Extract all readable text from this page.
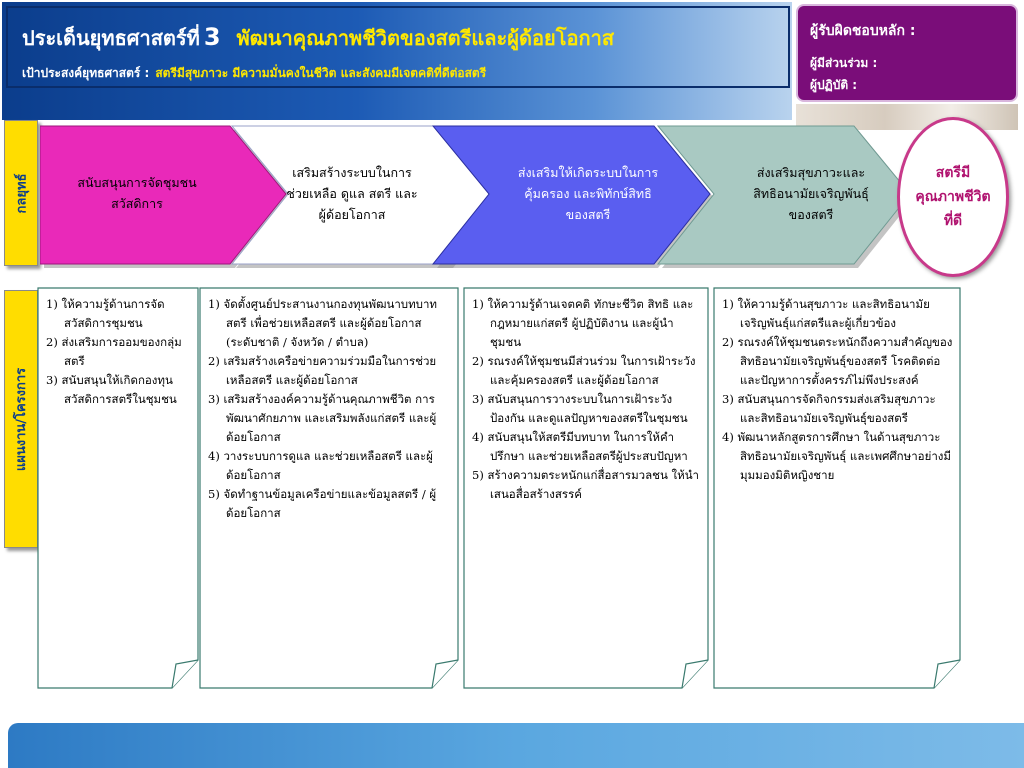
ประเด็นยุทธศาสตร์ที่ 3 พัฒนาคุณภาพชีวิตของสตรีและผู้ด้อยโอกาส
เป้าประสงค์ยุทธศาสตร์ : สตรีมีสุขภาวะ มีความมั่นคงในชีวิต และสังคมมีเจตคติที่ดีต่อสตรี
ผู้รับผิดชอบหลัก :
ผู้มีส่วนร่วม :
ผู้ปฏิบัติ :
กลยุทธ์
แผนงาน/โครงการ
สนับสนุนการจัดชุมชน
สวัสดิการ
เสริมสร้างระบบในการ
ช่วยเหลือ ดูแล สตรี และ
ผู้ด้อยโอกาส
ส่งเสริมให้เกิดระบบในการ
คุ้มครอง และพิทักษ์สิทธิ
ของสตรี
ส่งเสริมสุขภาวะและ
สิทธิอนามัยเจริญพันธุ์
ของสตรี
สตรีมี
คุณภาพชีวิต
ที่ดี
1) ให้ความรู้ด้านการจัดสวัสดิการชุมชน
2) ส่งเสริมการออมของกลุ่มสตรี
3) สนับสนุนให้เกิดกองทุนสวัสดิการสตรีในชุมชน
1) จัดตั้งศูนย์ประสานงานกองทุนพัฒนาบทบาทสตรี เพื่อช่วยเหลือสตรี และผู้ด้อยโอกาส (ระดับชาติ / จังหวัด / ตำบล)
2) เสริมสร้างเครือข่ายความร่วมมือในการช่วยเหลือสตรี และผู้ด้อยโอกาส
3) เสริมสร้างองค์ความรู้ด้านคุณภาพชีวิต การพัฒนาศักยภาพ และเสริมพลังแก่สตรี และผู้ด้อยโอกาส
4) วางระบบการดูแล และช่วยเหลือสตรี และผู้ด้อยโอกาส
5) จัดทำฐานข้อมูลเครือข่ายและข้อมูลสตรี / ผู้ด้อยโอกาส
1) ให้ความรู้ด้านเจตคติ ทักษะชีวิต สิทธิ และกฎหมายแก่สตรี ผู้ปฏิบัติงาน และผู้นำชุมชน
2) รณรงค์ให้ชุมชนมีส่วนร่วม ในการเฝ้าระวัง และคุ้มครองสตรี และผู้ด้อยโอกาส
3) สนับสนุนการวางระบบในการเฝ้าระวัง ป้องกัน และดูแลปัญหาของสตรีในชุมชน
4) สนับสนุนให้สตรีมีบทบาท ในการให้คำปรึกษา และช่วยเหลือสตรีผู้ประสบปัญหา
5) สร้างความตระหนักแก่สื่อสารมวลชน ให้นำเสนอสื่อสร้างสรรค์
1) ให้ความรู้ด้านสุขภาวะ และสิทธิอนามัยเจริญพันธุ์แก่สตรีและผู้เกี่ยวข้อง
2) รณรงค์ให้ชุมชนตระหนักถึงความสำคัญของสิทธิอนามัยเจริญพันธุ์ของสตรี โรคติดต่อ และปัญหาการตั้งครรภ์ไม่พึงประสงค์
3) สนับสนุนการจัดกิจกรรมส่งเสริมสุขภาวะ และสิทธิอนามัยเจริญพันธุ์ของสตรี
4) พัฒนาหลักสูตรการศึกษา ในด้านสุขภาวะ สิทธิอนามัยเจริญพันธุ์ และเพศศึกษาอย่างมีมุมมองมิติหญิงชาย
